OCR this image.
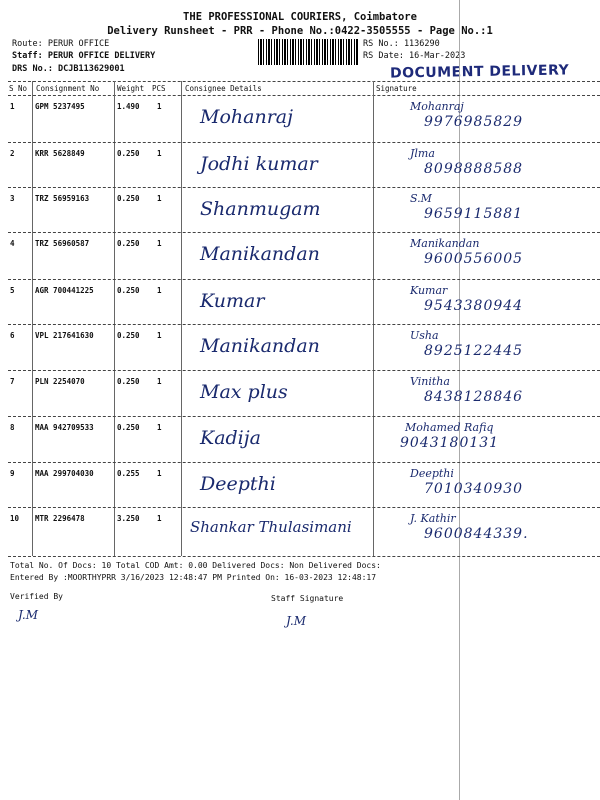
THE PROFESSIONAL COURIERS, Coimbatore
Delivery Runsheet - PRR - Phone No.:0422-3505555 - Page No.:1
Route: PERUR OFFICE
Staff: PERUR OFFICE DELIVERY
DRS No.: DCJB113629001
RS No.: 1136290
RS Date: 16-Mar-2023
DOCUMENT DELIVERY
S No Consignment No Weight PCS	Consignee Details	Signature
1	GPM 5237495	1.490 1 Mohanraj	Mohanraj
9976985829
2	KRR 5628849	0.250 1 Jodhi kumar	Jlma
8098888588
3	TRZ 56959163	0.250 1 Shanmugam	S.M
9659115881
4	TRZ 56960587	0.250 1 Manikandan	Manikandan
9600556005
5	AGR 700441225	0.250 1 Kumar	Kumar
9543380944
6	VPL 217641630	0.250 1 Manikandan	Usha
8925122445
7	PLN 2254070	0.250 1 Max plus	Vinitha
8438128846
8	MAA 942709533	0.250 1 Kadija	Mohamed Rafiq
9043180131
9	MAA 299704030	0.255 1 Deepthi	Deepthi
7010340930
10 MTR 2296478	3.250 1 Shankar Thulasimani	J. Kathir
9600844339.
Total No. Of Docs: 10 Total COD Amt: 0.00 Delivered Docs: Non Delivered Docs:
Entered By :MOORTHYPRR 3/16/2023 12:48:47 PM Printed On: 16-03-2023 12:48:17
Verified By	Staff Signature
J.M	J.M
